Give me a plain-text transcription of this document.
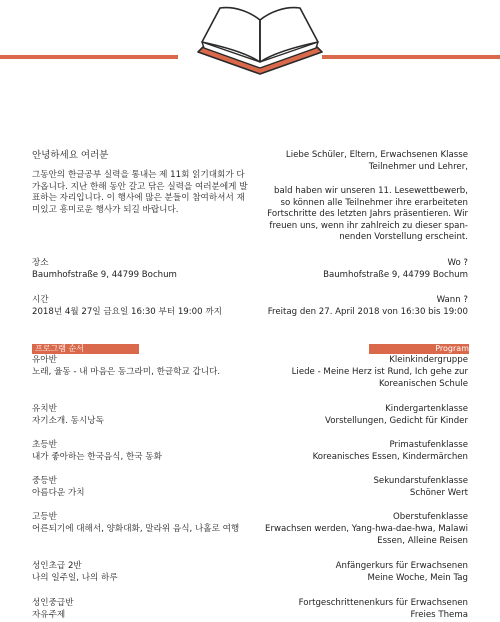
안녕하세요 여러분

그동안의 한글공부 실력을 통내는 제 11회 읽기대회가 다
가옵니다. 지난 한해 동안 갈고 닦은 실력을 여러분에게 발
표하는 자리입니다. 이 행사에 많은 분들이 참여하셔서 재
미있고 흥미로운 행사가 되길 바랍니다.

Liebe Schüler, Eltern, Erwachsenen Klasse
Teilnehmer und Lehrer,

bald haben wir unseren 11. Lesewettbewerb,
so können alle Teilnehmer ihre erarbeiteten
Fortschritte des letzten Jahrs präsentieren. Wir
freuen uns, wenn ihr zahlreich zu dieser span-
nenden Vorstellung erscheint.

장소

Baumhofstraße 9, 44799 Bochum

Wo ?

Baumhofstraße 9, 44799 Bochum

시간

2018년 4월 27일 금요일 16:30 부터 19:00 까지

Wann ?

Freitag den 27. April 2018 von 16:30 bis 19:00

프로그램 순서	Program

유아반

노래, 율동 - 내 마음은 동그라미, 한글학교 갑니다.

유치반

자기소개. 동시낭독

초등반

내가 좋아하는 한국음식, 한국 동화

중등반

아름다운 가치

고등반

어른되기에 대해서, 양화대화, 말라위 음식, 나홀로 여행

성인초급 2반

나의 일주일, 나의 하루

성인중급반

자유주제

Kleinkindergruppe

Liede - Meine Herz ist Rund, Ich gehe zur
Koreanischen Schule

Kindergartenklasse

Vorstellungen, Gedicht für Kinder

Primastufenklasse

Koreanisches Essen, Kindermärchen

Sekundarstufenklasse

Schöner Wert

Oberstufenklasse

Erwachsen werden, Yang-hwa-dae-hwa, Malawi
Essen, Alleine Reisen

Anfängerkurs für Erwachsenen

Meine Woche, Mein Tag

Fortgeschrittenenkurs für Erwachsenen

Freies Thema
